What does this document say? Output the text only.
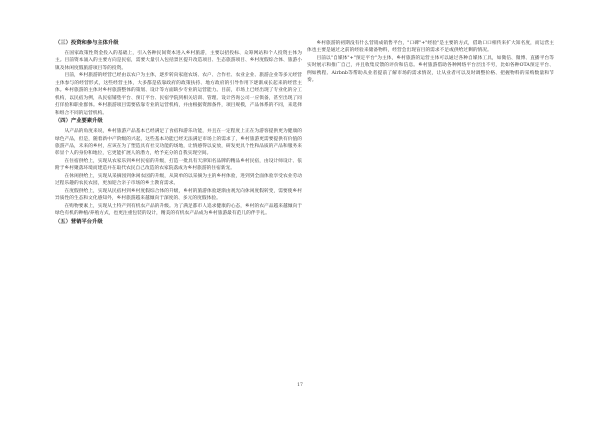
（三）投资和参与主体升级

在国家政策性资金投入的基础上，引入各种民间资本进入乡村旅游，主要以招投标、众筹网站和个人投资主体为主。目前资本涌入的主要方向是民宿，需要大量引入包括景区提升改造项目、生态旅游项目、乡村度假综合体、旅游小镇及休闲度假旅游项目等的投资。

目前，乡村旅游的经营已经由以农户为主体，逐步转向家庭农场、农户、合作社、农业企业、旅游企业等多元经营主体参与的经营形式，这些经营主体，大多都是依靠政府的政策扶持、地方政府的引导作用下逐渐成长起来的经营主体。乡村旅游的主体对乡村旅游整体的策划、设计等方面缺少专业的运营能力。目前，市场上已经出现了专业化的分工机构，以民宿为例，从民宿铺垫平台、预订平台、民宿学院到相关培训、管理、设计咨询公司一应俱备，甚至出现了同打佯验和职业群体。乡村旅游项目需要依靠专业的运营机构，并由根据资源条件，项目规模，产品体系的不同，来选择和组合不同的运营机构。

（四）产业要素升级

从产品的角度来说，乡村旅游产品基本已经满足了食宿和游乐功能，并且在一定程度上正在为游客提供更为健康的绿色产品，但是，随着新中产阶级的兴起，这些基本功能已经无法满足市场上的需求了，乡村旅游更需要提供有价值的旅游产品，未来的乡村，应该在为了塑造具有社交功能的场地，让情感得以安放，研发更具个性和品质的产品和服务来彰显个人的身份和地位，它更能扩展人的潜力，给予充分的自我实现空间。

在住宿供给上，实现从农家乐到乡村民宿的升级，打造一批具有天津知名品牌的精品乡村民宿，由设计师设计、依附于乡村聚落环境而建造并在取代农民自己改造的农家院落成为乡村旅游的住宿新宠。

在休闲供给上，实现从采摘园到休闲农园的升级，从简单的以采摘为主的乡村体验，进到到全面体验享受农业劳动过程乐趣的农民农园，更加迎合亲子市场的乡土教育需求。

在度假供给上，实现从民宿村到乡村度假综合体的升级，乡村的旅游体验逐渐由观光向休闲度假转变，需要使乡村异质性的生态和文化感知外，乡村旅游越来越倾向于深度的、多元的度假体验。

在购物要素上，实现从土特产到有机农产品的升级。为了满足都市人追求健康的心态，乡村的农产品越来越倾向于绿色有机的种植/养殖方式，也更注重包装的设计，精美的有机农产品成为乡村旅游最有范儿的伴手礼。

（五）营销平台升级

乡村旅游的初期没有什么营销成销售平台，"口碑"+"经验"是主要的方式，借助口口相传来扩大知名度，而运营主体也主要是通过之前的经验来储备物料，经营会出现盲目的需求不足或供给过剩的情况。

目前以"自媒体"+"预定平台"为主体，乡村旅游的运营主体可以通过各种自媒体工具，如微信、微博、直播平台等实时展示和推广自己，并且收集反馈的评价和信息。乡村旅游借助各种网络平台层出不穷，比如各种OTA预定平台、例如携程、Airbnb等帮助从业者提前了解市场的需求情况，让从业者可以及时调整价格、把握物料的采购数量和节奏。

17
